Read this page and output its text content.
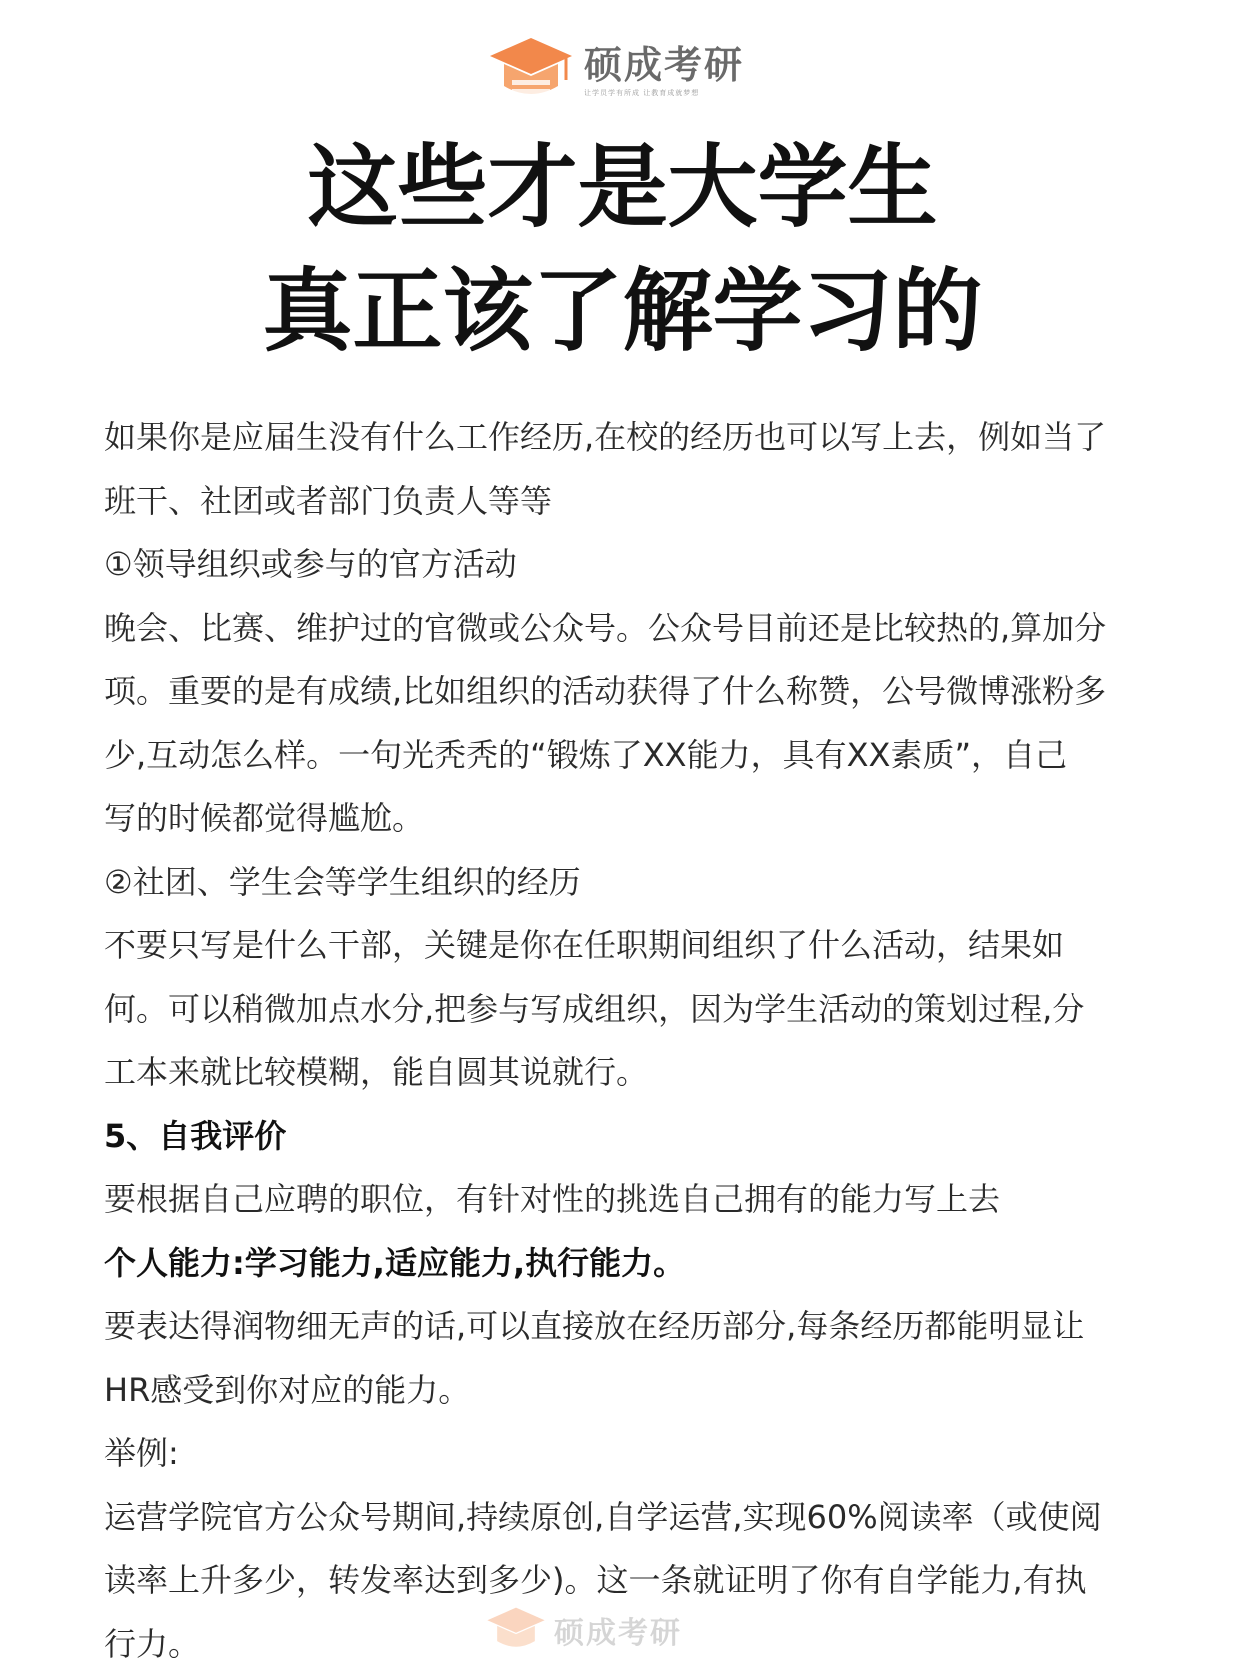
硕成考研
让学员学有所成 让教育成就梦想
这些才是大学生
真正该了解学习的

如果你是应届生没有什么工作经历,在校的经历也可以写上去，例如当了

班干、社团或者部门负责人等等

①领导组织或参与的官方活动

晚会、比赛、维护过的官微或公众号。公众号目前还是比较热的,算加分

项。重要的是有成绩,比如组织的活动获得了什么称赞，公号微博涨粉多

少,互动怎么样。一句光秃秃的“锻炼了XX能力，具有XX素质”，自己

写的时候都觉得尴尬。

②社团、学生会等学生组织的经历

不要只写是什么干部，关键是你在任职期间组织了什么活动，结果如

何。可以稍微加点水分,把参与写成组织，因为学生活动的策划过程,分

工本来就比较模糊，能自圆其说就行。

5、自我评价

要根据自己应聘的职位，有针对性的挑选自己拥有的能力写上去

个人能力:学习能力,适应能力,执行能力。

要表达得润物细无声的话,可以直接放在经历部分,每条经历都能明显让

HR感受到你对应的能力。

举例:

运营学院官方公众号期间,持续原创,自学运营,实现60%阅读率（或使阅

读率上升多少，转发率达到多少)。这一条就证明了你有自学能力,有执

行力。	硕成考研
